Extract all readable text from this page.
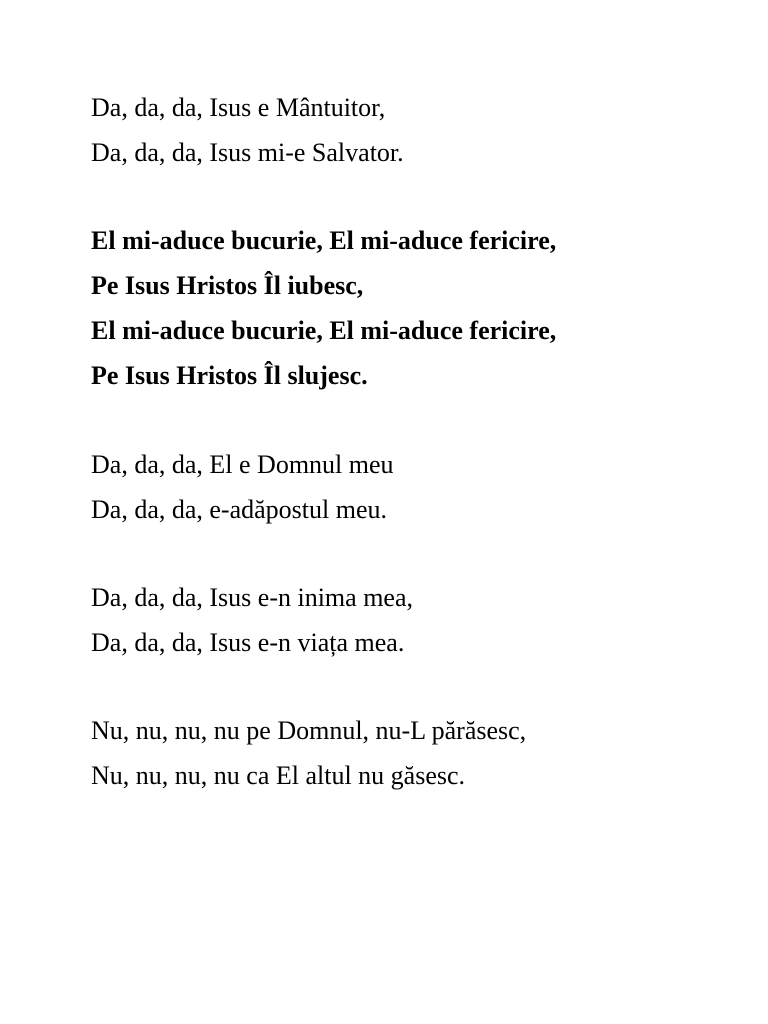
Da, da, da, Isus e Mântuitor,
Da, da, da, Isus mi-e Salvator.
El mi-aduce bucurie, El mi-aduce fericire,
Pe Isus Hristos Îl iubesc,
El mi-aduce bucurie, El mi-aduce fericire,
Pe Isus Hristos Îl slujesc.
Da, da, da, El e Domnul meu
Da, da, da, e-adăpostul meu.
Da, da, da, Isus e-n inima mea,
Da, da, da, Isus e-n viața mea.
Nu, nu, nu, nu pe Domnul, nu-L părăsesc,
Nu, nu, nu, nu ca El altul nu găsesc.
